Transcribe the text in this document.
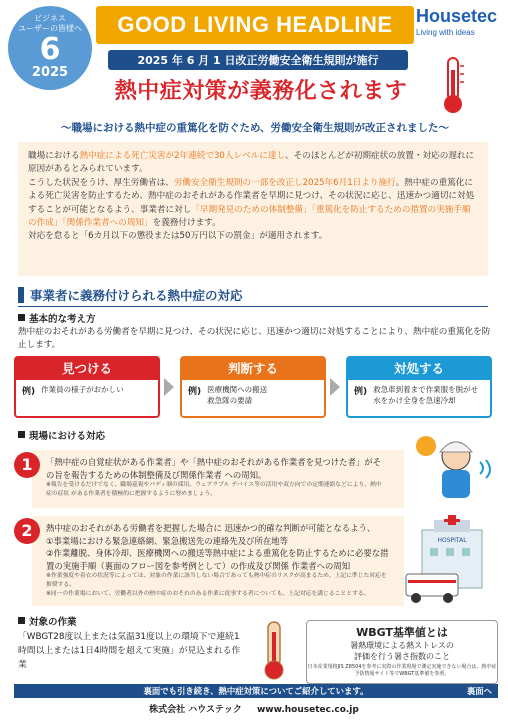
ビジネス
ユーザーの皆様へ
6
2025
GOOD LIVING HEADLINE Housetec
Living with ideas
2025 年 6 月 1 日改正労働安全衛生規則が施行
熱中症対策が義務化されます
〜職場における熱中症の重篤化を防ぐため、労働安全衛生規則が改正されました〜

職場における熱中症による死亡災害が2年連続で30人レベルに達し、そのほとんどが初期症状の放置・対応の遅れに原因があるとみられています。

こうした状況をうけ、厚生労働省は、労働安全衛生規則の一部を改正し2025年6月1日より施行。熱中症の重篤化による死亡災害を防止するため、熱中症のおそれがある作業者を早期に見つけ、その状況に応じ、迅速かつ適切に対処することが可能となるよう、事業者に対し「早期発見のための体制整備」「重篤化を防止するための措置の実施手順の作成」「関係作業者への周知」を義務付けます。

対応を怠ると「6カ月以下の懲役または50万円以下の罰金」が適用されます。

事業者に義務付けられる熱中症の対応
基本的な考え方
熱中症のおそれがある労働者を早期に見つけ、その状況に応じ、迅速かつ適切に対処することにより、熱中症の重篤化を防止します。
見つける
例) 作業員の様子がおかしい
判断する
例) 医療機関への搬送
救急隊の要請
対処する
例) 救急車到着まで作業服を脱がせ水をかけ全身を急速冷却
現場における対応
1	「熱中症の自覚症状がある作業者」や「熱中症のおそれがある作業者を見つけた者」がその旨を報告するための体制整備及び関係作業者 への周知。
※報告を受けるだけでなく、職場巡視やバディ制の採用、ウェアラブル デバイス等の活用や双方向での定期連絡などにより、熱中症の症状 がある作業者を積極的に把握するように努めましょう。
2	熱中症のおそれがある労働者を把握した場合に 迅速かつ的確な判断が可能となるよう、
①事業場における緊急連絡網、緊急搬送先の連絡先及び所在地等
②作業離脱、身体冷却、医療機関への搬送等熱中症による重篤化を防止するために必要な措置の実施手順（裏面のフロー図を参考例として）の作成及び関係 作業者への周知
※作業強度や着衣の状況等によっては、対象の作業に該当しない場合であっても熱中症のリスクが高まるため、上記に準じた対応を推奨する。
※同一の作業場において、労働者以外の熱中症のおそれのある作業に従事する者についても、上記対応を講じることとする。
HOSPITAL
対象の作業
「WBGT28度以上または気温31度以上の環境下で連続1時間以上または1日4時間を超えて実施」が見込まれる作業
WBGT基準値とは
暑熱環境による熱ストレスの
評価を行う暑さ指数のこと
日本産業規格JIS Z8504を参考に実際の作業現場で測定実施できない場合は、熱中症予防情報サイト等でWBGT基準値を参照。
裏面でも引き続き、熱中症対策についてご紹介しています。	裏面へ
株式会社 ハウステック www.housetec.co.jp
